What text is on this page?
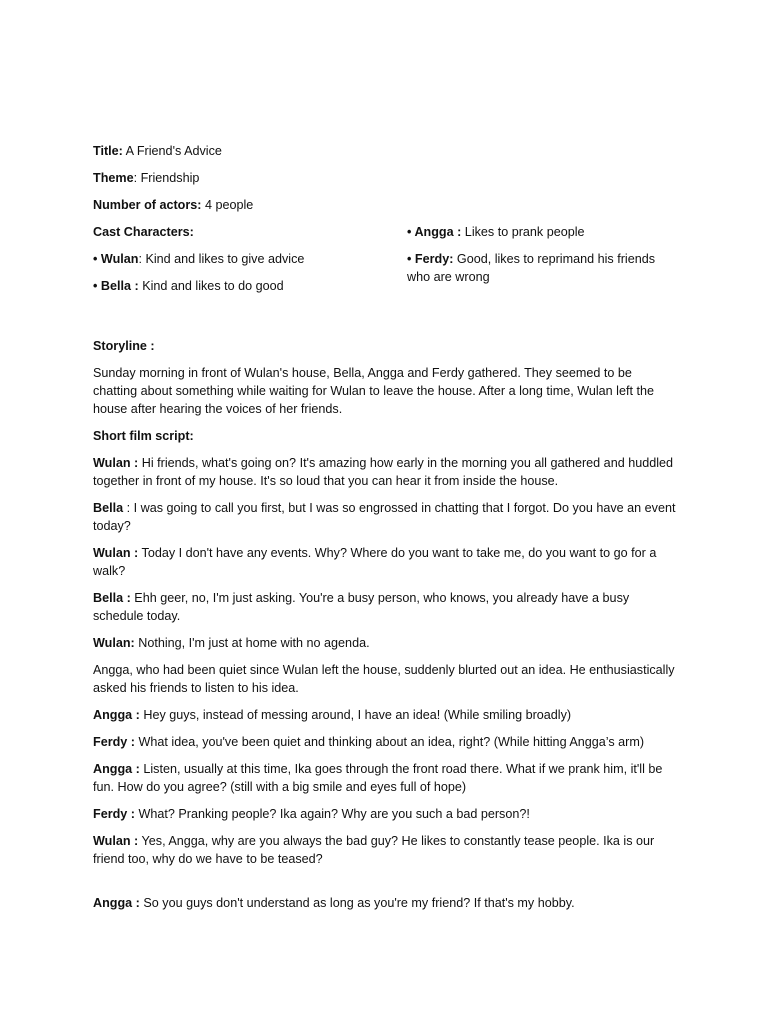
Title: A Friend's Advice

Theme: Friendship

Number of actors: 4 people

Cast Characters:

• Wulan: Kind and likes to give advice

• Bella : Kind and likes to do good

• Angga : Likes to prank people

• Ferdy: Good, likes to reprimand his friends who are wrong

Storyline :

Sunday morning in front of Wulan's house, Bella, Angga and Ferdy gathered. They seemed to be chatting about something while waiting for Wulan to leave the house. After a long time, Wulan left the house after hearing the voices of her friends.

Short film script:

Wulan : Hi friends, what's going on? It's amazing how early in the morning you all gathered and huddled together in front of my house. It's so loud that you can hear it from inside the house.

Bella : I was going to call you first, but I was so engrossed in chatting that I forgot. Do you have an event today?

Wulan : Today I don't have any events. Why? Where do you want to take me, do you want to go for a walk?

Bella : Ehh geer, no, I'm just asking. You're a busy person, who knows, you already have a busy schedule today.

Wulan: Nothing, I'm just at home with no agenda.

Angga, who had been quiet since Wulan left the house, suddenly blurted out an idea. He enthusiastically asked his friends to listen to his idea.

Angga : Hey guys, instead of messing around, I have an idea! (While smiling broadly)

Ferdy : What idea, you've been quiet and thinking about an idea, right? (While hitting Angga’s arm)

Angga : Listen, usually at this time, Ika goes through the front road there. What if we prank him, it'll be fun. How do you agree? (still with a big smile and eyes full of hope)

Ferdy : What? Pranking people? Ika again? Why are you such a bad person?!

Wulan : Yes, Angga, why are you always the bad guy? He likes to constantly tease people. Ika is our friend too, why do we have to be teased?

Angga : So you guys don't understand as long as you're my friend? If that's my hobby.
